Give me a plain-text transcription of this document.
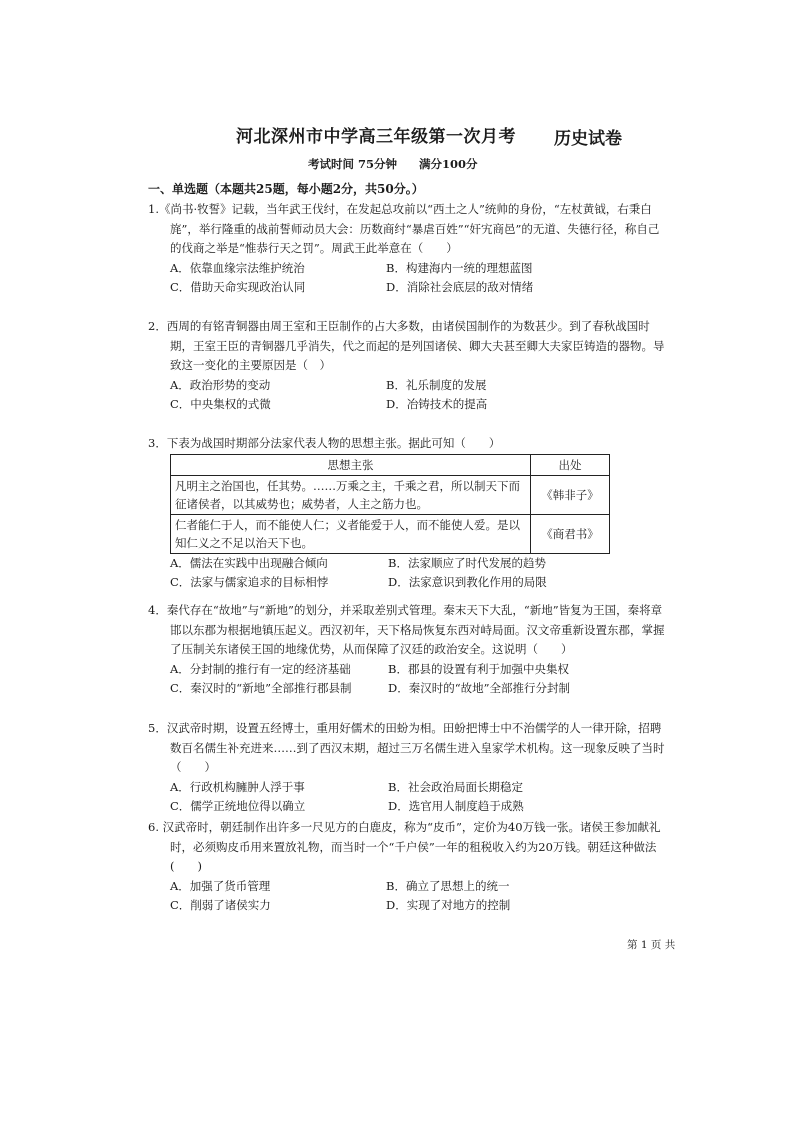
河北深州市中学高三年级第一次月考 历史试卷
考试时间 75分钟 满分100分
一、单选题（本题共25题，每小题2分，共50分。）
1.《尚书·牧誓》记载，当年武王伐纣，在发起总攻前以“西土之人”统帅的身份，“左杖黄钺，右秉白旄”，举行隆重的战前誓师动员大会：历数商纣“暴虐百姓”“奸宄商邑”的无道、失德行径，称自己的伐商之举是“惟恭行天之罚”。周武王此举意在（　　）
A．依靠血缘宗法维护统治	B．构建海内一统的理想蓝图
C．借助天命实现政治认同	D．消除社会底层的敌对情绪
2．西周的有铭青铜器由周王室和王臣制作的占大多数，由诸侯国制作的为数甚少。到了春秋战国时期，王室王臣的青铜器几乎消失，代之而起的是列国诸侯、卿大夫甚至卿大夫家臣铸造的器物。导致这一变化的主要原因是（　）
A．政治形势的变动	B．礼乐制度的发展
C．中央集权的式微	D．冶铸技术的提高
3．下表为战国时期部分法家代表人物的思想主张。据此可知（　　）
思想主张	出处
凡明主之治国也，任其势。……万乘之主，千乘之君，所以制天下而征诸侯者，以其威势也；威势者，人主之筋力也。	《韩非子》
仁者能仁于人，而不能使人仁；义者能爱于人，而不能使人爱。是以知仁义之不足以治天下也。	《商君书》
A．儒法在实践中出现融合倾向	B．法家顺应了时代发展的趋势
C．法家与儒家追求的目标相悖	D．法家意识到教化作用的局限
4．秦代存在“故地”与“新地”的划分，并采取差别式管理。秦末天下大乱，“新地”皆复为王国，秦将章邯以东郡为根据地镇压起义。西汉初年，天下格局恢复东西对峙局面。汉文帝重新设置东郡，掌握了压制关东诸侯王国的地缘优势，从而保障了汉廷的政治安全。这说明（　　）
A．分封制的推行有一定的经济基础	B．郡县的设置有利于加强中央集权
C．秦汉时的“新地”全部推行郡县制	D．秦汉时的“故地”全部推行分封制
5．汉武帝时期，设置五经博士，重用好儒术的田蚡为相。田蚡把博士中不治儒学的人一律开除，招聘数百名儒生补充进来……到了西汉末期，超过三万名儒生进入皇家学术机构。这一现象反映了当时（　　）
A．行政机构臃肿人浮于事	B．社会政治局面长期稳定
C．儒学正统地位得以确立	D．选官用人制度趋于成熟
第 1 页 共
6. 汉武帝时，朝廷制作出许多一尺见方的白鹿皮，称为“皮币”，定价为40万钱一张。诸侯王参加献礼时，必须购皮币用来置放礼物，而当时一个“千户侯”一年的租税收入约为20万钱。朝廷这种做法(　　)
A．加强了货币管理	B．确立了思想上的统一
C．削弱了诸侯实力	D．实现了对地方的控制
